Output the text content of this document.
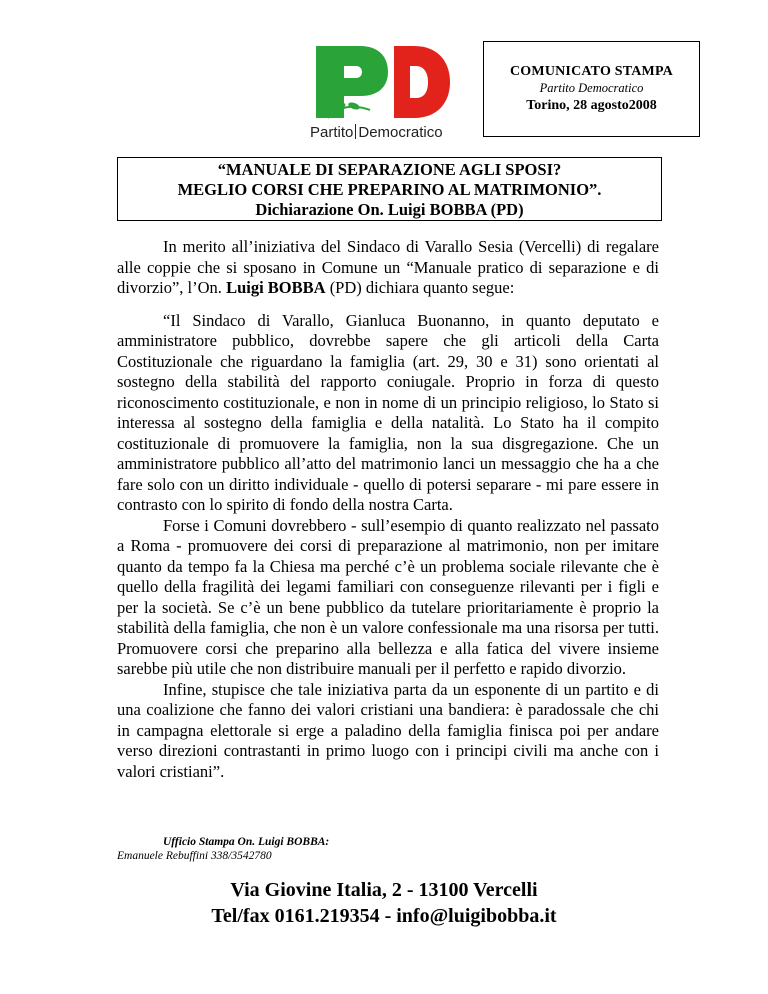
Partito Democratico
COMUNICATO STAMPA
Partito Democratico
Torino, 28 agosto2008
“MANUALE DI SEPARAZIONE AGLI SPOSI?
MEGLIO CORSI CHE PREPARINO AL MATRIMONIO”.
Dichiarazione On. Luigi BOBBA (PD)

In merito all’iniziativa del Sindaco di Varallo Sesia (Vercelli) di regalare alle coppie che si sposano in Comune un “Manuale pratico di separazione e di divorzio”, l’On. Luigi BOBBA (PD) dichiara quanto segue:

“Il Sindaco di Varallo, Gianluca Buonanno, in quanto deputato e amministratore pubblico, dovrebbe sapere che gli articoli della Carta Costituzionale che riguardano la famiglia (art. 29, 30 e 31) sono orientati al sostegno della stabilità del rapporto coniugale. Proprio in forza di questo riconoscimento costituzionale, e non in nome di un principio religioso, lo Stato si interessa al sostegno della famiglia e della natalità. Lo Stato ha il compito costituzionale di promuovere la famiglia, non la sua disgregazione. Che un amministratore pubblico all’atto del matrimonio lanci un messaggio che ha a che fare solo con un diritto individuale - quello di potersi separare - mi pare essere in contrasto con lo spirito di fondo della nostra Carta.

Forse i Comuni dovrebbero - sull’esempio di quanto realizzato nel passato a Roma - promuovere dei corsi di preparazione al matrimonio, non per imitare quanto da tempo fa la Chiesa ma perché c’è un problema sociale rilevante che è quello della fragilità dei legami familiari con conseguenze rilevanti per i figli e per la società. Se c’è un bene pubblico da tutelare prioritariamente è proprio la stabilità della famiglia, che non è un valore confessionale ma una risorsa per tutti. Promuovere corsi che preparino alla bellezza e alla fatica del vivere insieme sarebbe più utile che non distribuire manuali per il perfetto e rapido divorzio.

Infine, stupisce che tale iniziativa parta da un esponente di un partito e di una coalizione che fanno dei valori cristiani una bandiera: è paradossale che chi in campagna elettorale si erge a paladino della famiglia finisca poi per andare verso direzioni contrastanti in primo luogo con i principi civili ma anche con i valori cristiani”.

Ufficio Stampa On. Luigi BOBBA:
Emanuele Rebuffini 338/3542780
Via Giovine Italia, 2 - 13100 Vercelli
Tel/fax 0161.219354 - info@luigibobba.it
